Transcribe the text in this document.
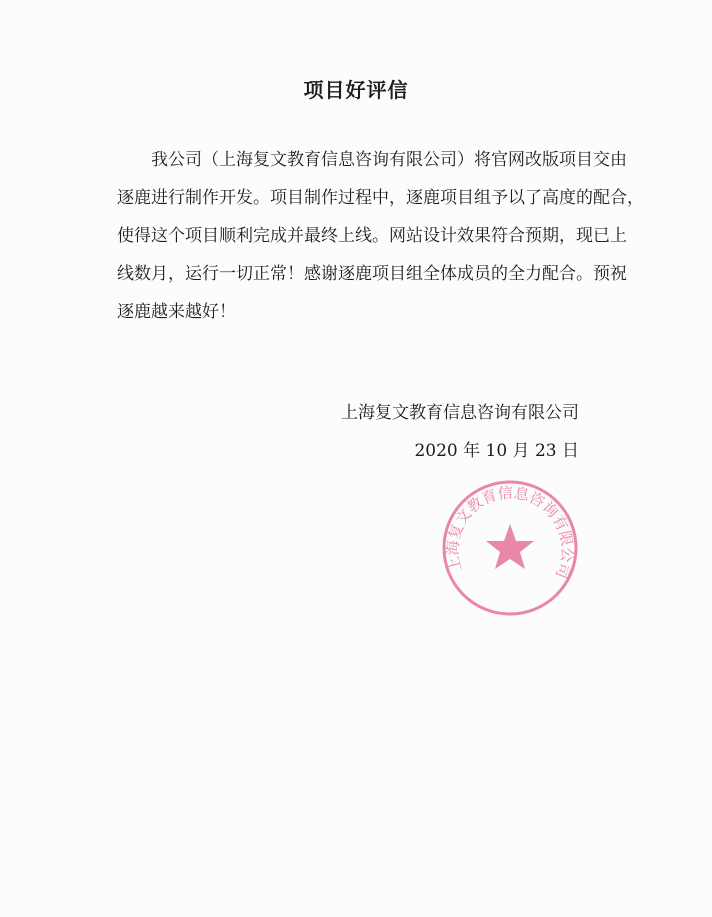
项目好评信
我公司（上海复文教育信息咨询有限公司）将官网改版项目交由
逐鹿进行制作开发。项目制作过程中，逐鹿项目组予以了高度的配合，
使得这个项目顺利完成并最终上线。网站设计效果符合预期，现已上
线数月，运行一切正常！感谢逐鹿项目组全体成员的全力配合。预祝
逐鹿越来越好！
上海复文教育信息咨询有限公司
2020 年 10 月 23 日
上海复文教育信息咨询有限公司
